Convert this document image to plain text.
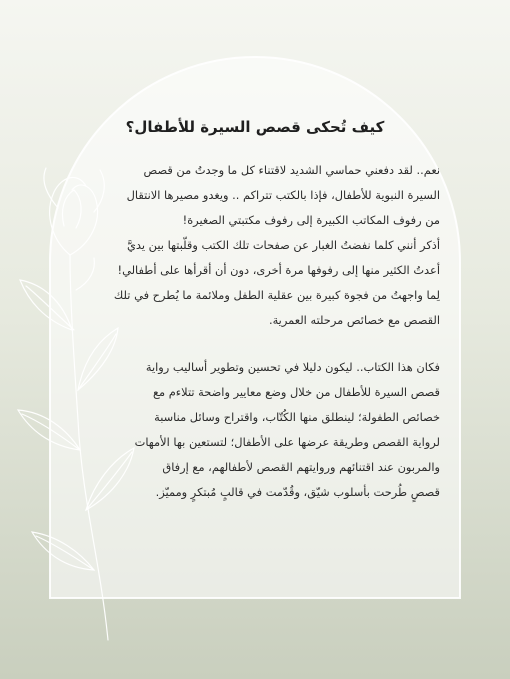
كيف تُحكى قصص السيرة للأطفال؟

نعم.. لقد دفعني حماسي الشديد لاقتناء كل ما وجدتُ من قصص
السيرة النبوية للأطفال، فإذا بالكتب تتراكم .. ويغدو مصيرها الانتقال
من رفوف المكاتب الكبيرة إلى رفوف مكتبتي الصغيرة!
أذكر أنني كلما نفضتُ الغبار عن صفحات تلك الكتب وقلّبتها بين يديَّ
أعدتُ الكثير منها إلى رفوفها مرة أخرى، دون أن أقرأها على أطفالي!
لِما واجهتُ من فجوة كبيرة بين عقلية الطفل وملائمة ما يُطرح في تلك
القصص مع خصائص مرحلته العمرية.

فكان هذا الكتاب.. ليكون دليلا في تحسين وتطوير أساليب رواية
قصص السيرة للأطفال من خلال وضع معايير واضحة تتلاءم مع
خصائص الطفولة؛ لينطلق منها الكُتّاب، واقتراح وسائل مناسبة
لرواية القصص وطريقة عرضها على الأطفال؛ لتستعين بها الأمهات
والمربون عند اقتنائهم وروايتهم القصص لأطفالهم، مع إرفاق
قصصٍ طُرحت بأسلوب شيّق، وقُدّمت في قالبٍ مُبتكرٍ ومميّز.
